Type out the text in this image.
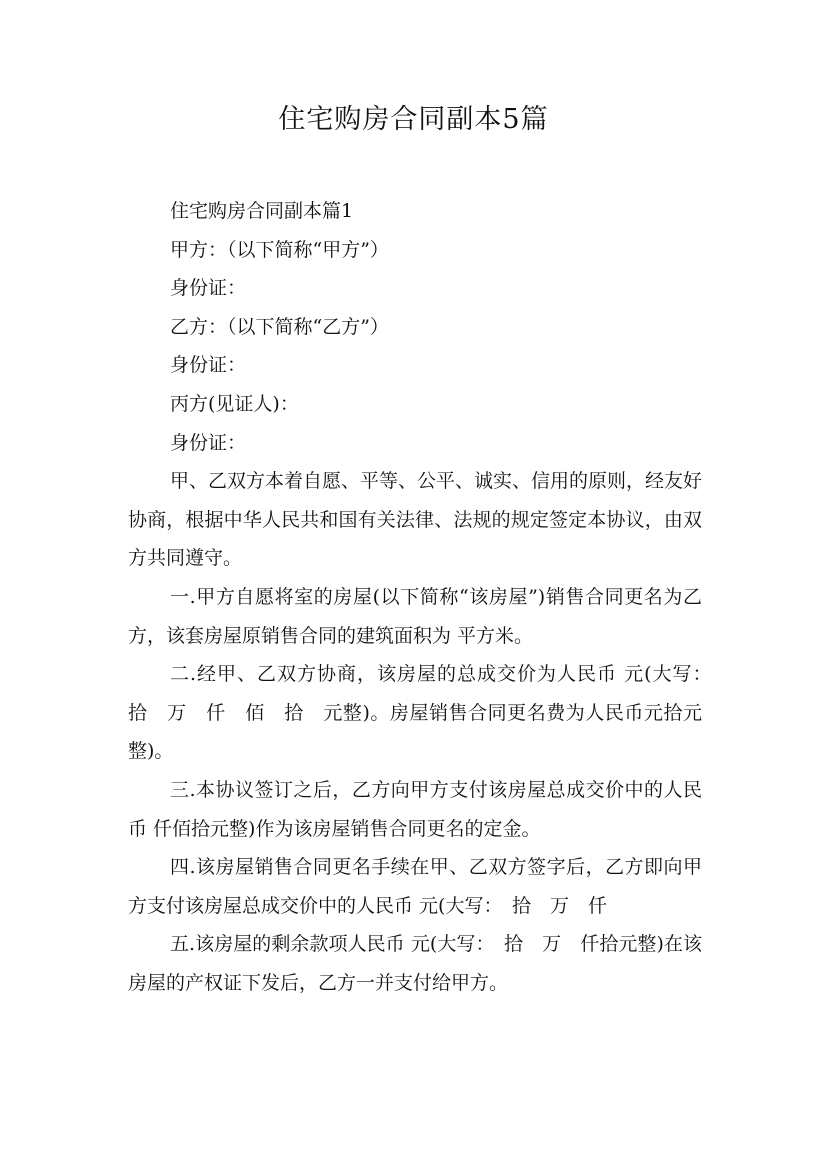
住宅购房合同副本5篇

住宅购房合同副本篇1

甲方：（以下简称“甲方”）

身份证：

乙方：（以下简称“乙方”）

身份证：

丙方(见证人)：

身份证：

甲、乙双方本着自愿、平等、公平、诚实、信用的原则，经友好协商，根据中华人民共和国有关法律、法规的规定签定本协议，由双方共同遵守。

一.甲方自愿将室的房屋(以下简称“该房屋”)销售合同更名为乙方，该套房屋原销售合同的建筑面积为 平方米。

二.经甲、乙双方协商，该房屋的总成交价为人民币 元(大写：　拾　万　仟　佰　拾　元整)。房屋销售合同更名费为人民币元拾元整)。

三.本协议签订之后，乙方向甲方支付该房屋总成交价中的人民币 仟佰拾元整)作为该房屋销售合同更名的定金。

四.该房屋销售合同更名手续在甲、乙双方签字后，乙方即向甲方支付该房屋总成交价中的人民币 元(大写：　拾　万　仟

五.该房屋的剩余款项人民币 元(大写：　拾　万　仟拾元整)在该房屋的产权证下发后，乙方一并支付给甲方。
